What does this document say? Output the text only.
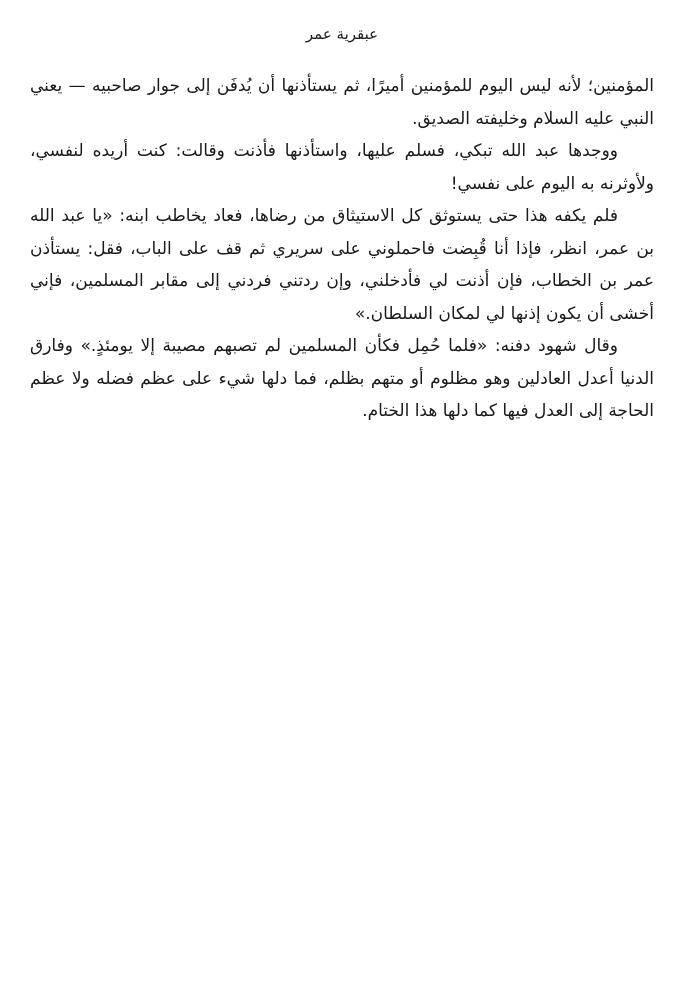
عبقرية عمر

المؤمنين؛ لأنه ليس اليوم للمؤمنين أميرًا، ثم يستأذنها أن يُدفَن إلى جوار صاحبيه — يعني النبي عليه السلام وخليفته الصديق.

ووجدها عبد الله تبكي، فسلم عليها، واستأذنها فأذنت وقالت: كنت أريده لنفسي، ولأوثرنه به اليوم على نفسي!

فلم يكفه هذا حتى يستوثق كل الاستيثاق من رضاها، فعاد يخاطب ابنه: «يا عبد الله بن عمر، انظر، فإذا أنا قُبِضت فاحملوني على سريري ثم قف على الباب، فقل: يستأذن عمر بن الخطاب، فإن أذنت لي فأدخلني، وإن ردتني فردني إلى مقابر المسلمين، فإني أخشى أن يكون إذنها لي لمكان السلطان.»

وقال شهود دفنه: «فلما حُمِل فكأن المسلمين لم تصبهم مصيبة إلا يومئذٍ.» وفارق الدنيا أعدل العادلين وهو مظلوم أو متهم بظلم، فما دلها شيء على عظم فضله ولا عظم الحاجة إلى العدل فيها كما دلها هذا الختام.
